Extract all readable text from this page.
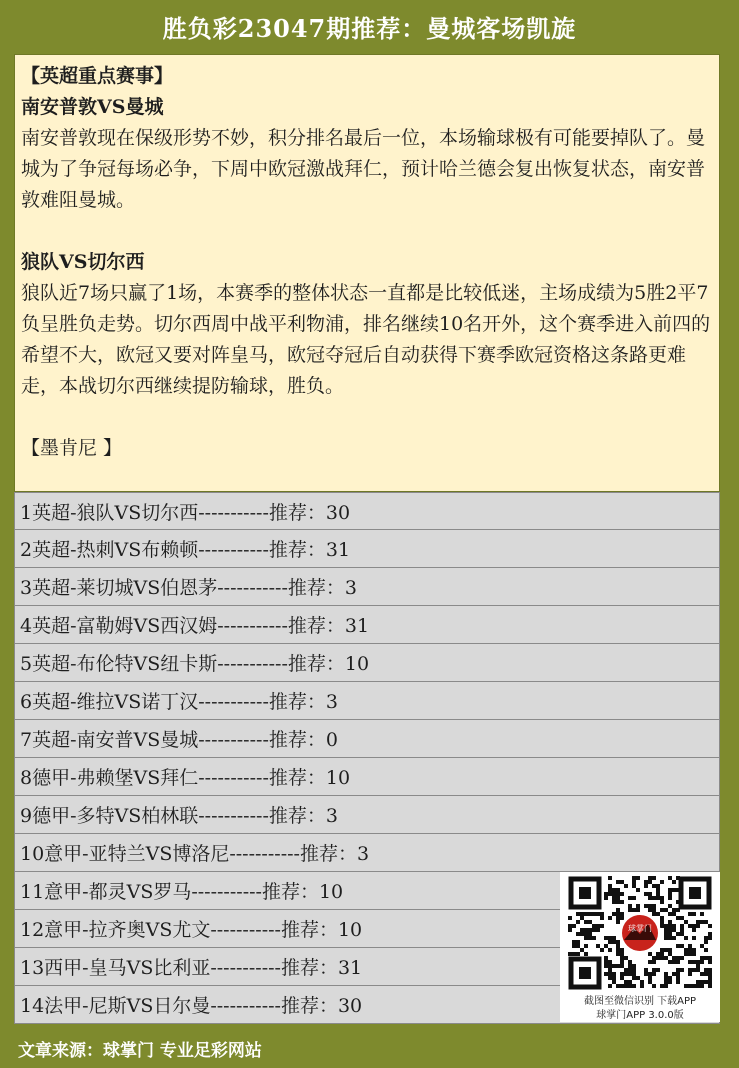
胜负彩23047期推荐：曼城客场凯旋

【英超重点赛事】

南安普敦VS曼城

南安普敦现在保级形势不妙，积分排名最后一位，本场输球极有可能要掉队了。曼城为了争冠每场必争，下周中欧冠激战拜仁，预计哈兰德会复出恢复状态，南安普敦难阻曼城。

狼队VS切尔西

狼队近7场只赢了1场，本赛季的整体状态一直都是比较低迷，主场成绩为5胜2平7负呈胜负走势。切尔西周中战平利物浦，排名继续10名开外，这个赛季进入前四的希望不大，欧冠又要对阵皇马，欧冠夺冠后自动获得下赛季欧冠资格这条路更难走，本战切尔西继续提防输球，胜负。

【墨肯尼 】

1英超-狼队VS切尔西-----------推荐：30
2英超-热刺VS布赖顿-----------推荐：31
3英超-莱切城VS伯恩茅-----------推荐：3
4英超-富勒姆VS西汉姆-----------推荐：31
5英超-布伦特VS纽卡斯-----------推荐：10
6英超-维拉VS诺丁汉-----------推荐：3
7英超-南安普VS曼城-----------推荐：0
8德甲-弗赖堡VS拜仁-----------推荐：10
9德甲-多特VS柏林联-----------推荐：3
10意甲-亚特兰VS博洛尼-----------推荐：3
11意甲-都灵VS罗马-----------推荐：10
12意甲-拉齐奥VS尤文-----------推荐：10
13西甲-皇马VS比利亚-----------推荐：31
14法甲-尼斯VS日尔曼-----------推荐：30
球掌门
截图至微信识别 下载APP
球掌门APP 3.0.0版
文章来源：球掌门 专业足彩网站
